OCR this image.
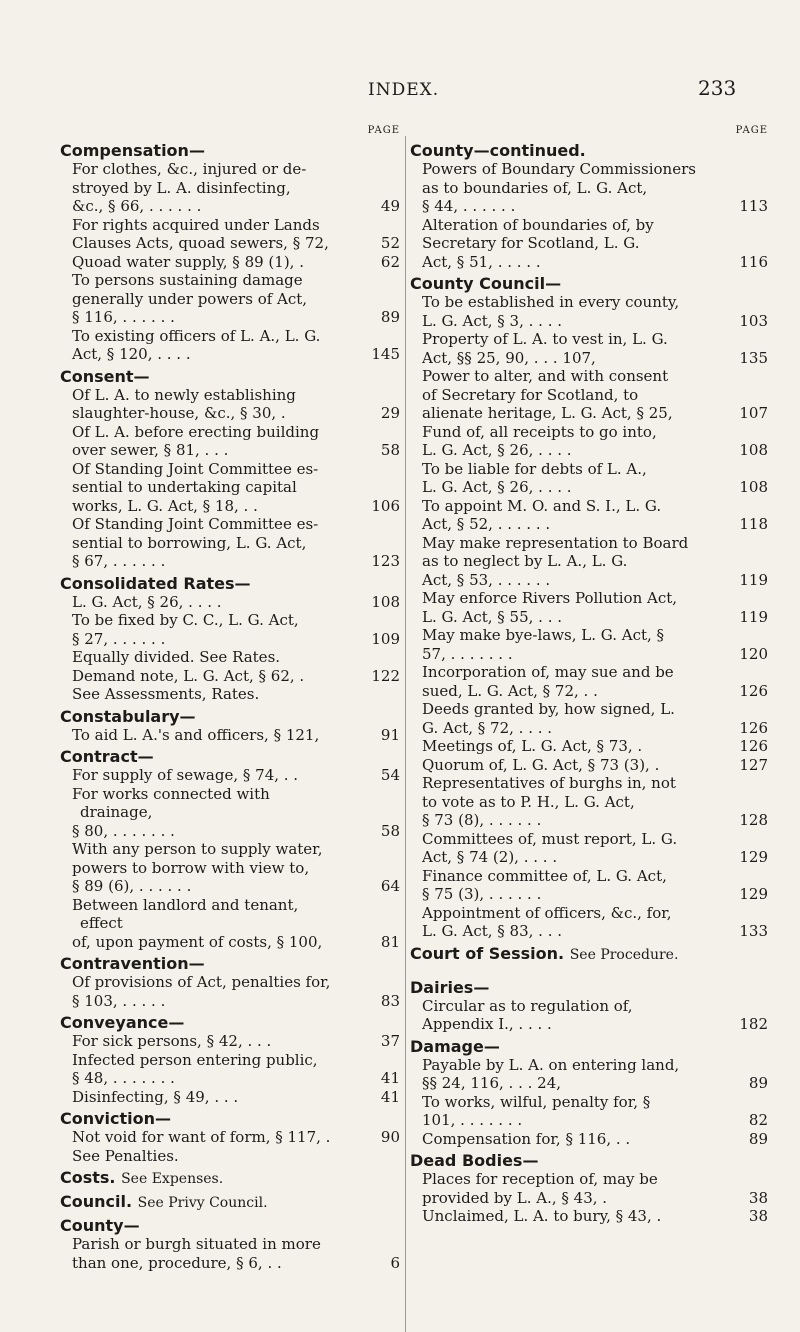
INDEX.	233
PAGE
Compensation—
For clothes, &c., injured or de-
stroyed by L. A. disinfecting,
&c., § 66, . . . . . .	49
For rights acquired under Lands
Clauses Acts, quoad sewers, § 72,	52
Quoad water supply, § 89 (1), .	62
To persons sustaining damage
generally under powers of Act,
§ 116, . . . . . .	89
To existing officers of L. A., L. G.
Act, § 120, . . . .	145
Consent—
Of L. A. to newly establishing
slaughter-house, &c., § 30, .	29
Of L. A. before erecting building
over sewer, § 81, . . .	58
Of Standing Joint Committee es-
sential to undertaking capital
works, L. G. Act, § 18, . .	106
Of Standing Joint Committee es-
sential to borrowing, L. G. Act,
§ 67, . . . . . .	123
Consolidated Rates—
L. G. Act, § 26, . . . .	108
To be fixed by C. C., L. G. Act,
§ 27, . . . . . .	109
Equally divided. See Rates.
Demand note, L. G. Act, § 62, .	122
See Assessments, Rates.
Constabulary—
To aid L. A.'s and officers, § 121,	91
Contract—
For supply of sewage, § 74, . .	54
For works connected with drainage,
§ 80, . . . . . . .	58
With any person to supply water,
powers to borrow with view to,
§ 89 (6), . . . . . .	64
Between landlord and tenant, effect
of, upon payment of costs, § 100,	81
Contravention—
Of provisions of Act, penalties for,
§ 103, . . . . .	83
Conveyance—
For sick persons, § 42, . . .	37
Infected person entering public,
§ 48, . . . . . . .	41
Disinfecting, § 49, . . .	41
Conviction—
Not void for want of form, § 117, .	90
See Penalties.
Costs. See Expenses.
Council. See Privy Council.
County—
Parish or burgh situated in more
than one, procedure, § 6, . .	6
PAGE
County—continued.
Powers of Boundary Commissioners
as to boundaries of, L. G. Act,
§ 44, . . . . . .	113
Alteration of boundaries of, by
Secretary for Scotland, L. G.
Act, § 51, . . . . .	116
County Council—
To be established in every county,
L. G. Act, § 3, . . . .	103
Property of L. A. to vest in, L. G.
Act, §§ 25, 90, . . . 107,	135
Power to alter, and with consent
of Secretary for Scotland, to
alienate heritage, L. G. Act, § 25,	107
Fund of, all receipts to go into,
L. G. Act, § 26, . . . .	108
To be liable for debts of L. A.,
L. G. Act, § 26, . . . .	108
To appoint M. O. and S. I., L. G.
Act, § 52, . . . . . .	118
May make representation to Board
as to neglect by L. A., L. G.
Act, § 53, . . . . . .	119
May enforce Rivers Pollution Act,
L. G. Act, § 55, . . .	119
May make bye-laws, L. G. Act, §
57, . . . . . . .	120
Incorporation of, may sue and be
sued, L. G. Act, § 72, . .	126
Deeds granted by, how signed, L.
G. Act, § 72, . . . .	126
Meetings of, L. G. Act, § 73, .	126
Quorum of, L. G. Act, § 73 (3), .	127
Representatives of burghs in, not
to vote as to P. H., L. G. Act,
§ 73 (8), . . . . . .	128
Committees of, must report, L. G.
Act, § 74 (2), . . . .	129
Finance committee of, L. G. Act,
§ 75 (3), . . . . . .	129
Appointment of officers, &c., for,
L. G. Act, § 83, . . .	133
Court of Session. See Procedure.
Dairies—
Circular as to regulation of,
Appendix I., . . . .	182
Damage—
Payable by L. A. on entering land,
§§ 24, 116, . . . 24,	89
To works, wilful, penalty for, §
101, . . . . . . .	82
Compensation for, § 116, . .	89
Dead Bodies—
Places for reception of, may be
provided by L. A., § 43, .	38
Unclaimed, L. A. to bury, § 43, .	38
